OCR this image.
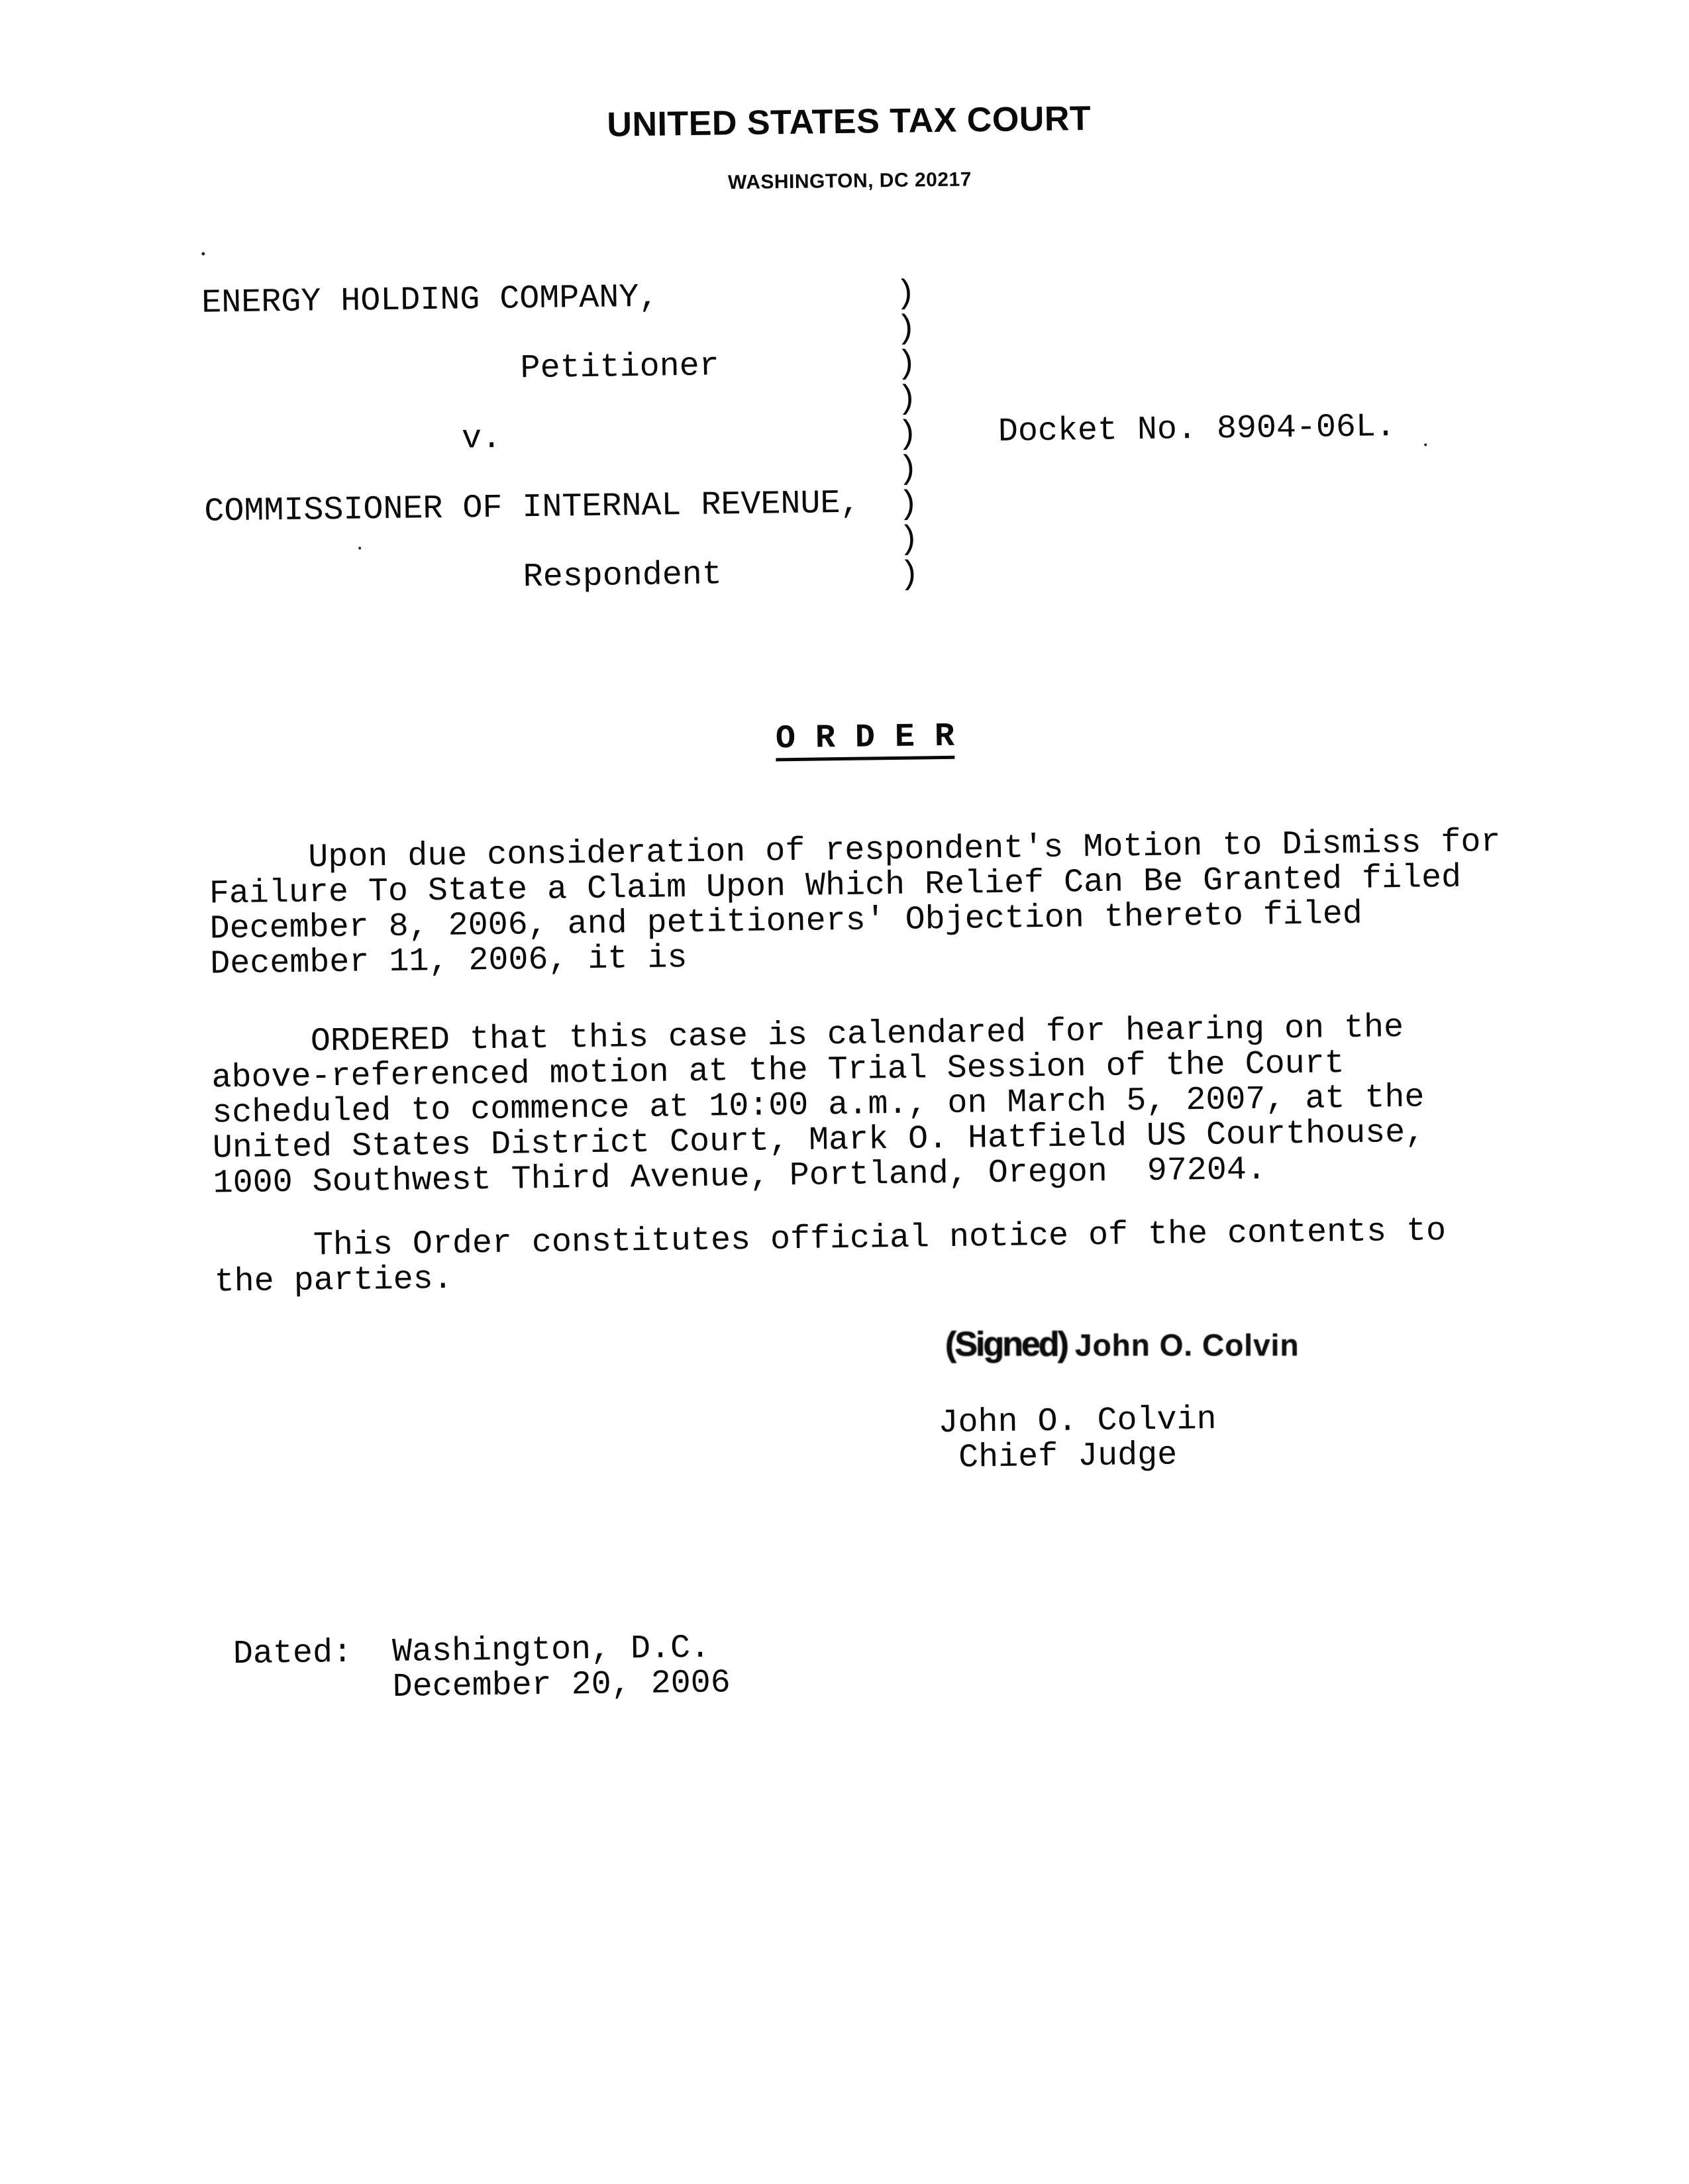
UNITED STATES TAX COURT
WASHINGTON, DC 20217
ENERGY HOLDING COMPANY,	)
)
)
)
)
)
)
)
)
Petitioner
v.	Docket No. 8904-06L.
COMMISSIONER OF INTERNAL REVENUE,
Respondent
O R D E R
Upon due consideration of respondent's Motion to Dismiss for
Failure To State a Claim Upon Which Relief Can Be Granted filed
December 8, 2006, and petitioners' Objection thereto filed
December 11, 2006, it is
ORDERED that this case is calendared for hearing on the
above-referenced motion at the Trial Session of the Court
scheduled to commence at 10:00 a.m., on March 5, 2007, at the
United States District Court, Mark O. Hatfield US Courthouse,
1000 Southwest Third Avenue, Portland, Oregon  97204.
This Order constitutes official notice of the contents to
the parties.
(Signed) John O. Colvin
John O. Colvin
Chief Judge
Dated:  Washington, D.C.
December 20, 2006
